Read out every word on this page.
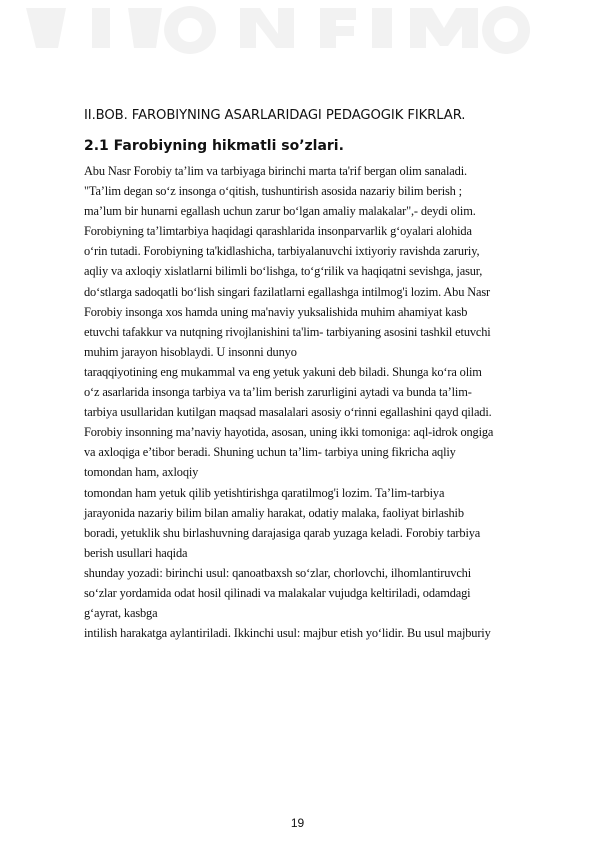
II.BOB. FAROBIYNING ASARLARIDAGI PEDAGOGIK FIKRLAR.
2.1 Farobiyning hikmatli so’zlari.
Abu Nasr Forobiy ta’lim va tarbiyaga birinchi marta ta'rif bergan olim sanaladi.
"Ta’lim degan so‘z insonga o‘qitish, tushuntirish asosida nazariy bilim berish ;
ma’lum bir hunarni egallash uchun zarur bo‘lgan amaliy malakalar",- deydi olim.
Forobiyning ta’limtarbiya haqidagi qarashlarida insonparvarlik g‘oyalari alohida
o‘rin tutadi. Forobiyning ta'kidlashicha, tarbiyalanuvchi ixtiyoriy ravishda zaruriy,
aqliy va axloqiy xislatlarni bilimli bo‘lishga, to‘g‘rilik va haqiqatni sevishga, jasur,
do‘stlarga sadoqatli bo‘lish singari fazilatlarni egallashga intilmog'i lozim. Abu Nasr
Forobiy insonga xos hamda uning ma'naviy yuksalishida muhim ahamiyat kasb
etuvchi tafakkur va nutqning rivojlanishini ta'lim- tarbiyaning asosini tashkil etuvchi
muhim jarayon hisoblaydi. U insonni dunyo
taraqqiyotining eng mukammal va eng yetuk yakuni deb biladi. Shunga ko‘ra olim
o‘z asarlarida insonga tarbiya va ta’lim berish zarurligini aytadi va bunda ta’lim-
tarbiya usullaridan kutilgan maqsad masalalari asosiy o‘rinni egallashini qayd qiladi.
Forobiy insonning ma’naviy hayotida, asosan, uning ikki tomoniga: aql-idrok ongiga
va axloqiga e’tibor beradi. Shuning uchun ta’lim- tarbiya uning fikricha aqliy
tomondan ham, axloqiy
tomondan ham yetuk qilib yetishtirishga qaratilmog'i lozim. Ta’lim-tarbiya
jarayonida nazariy bilim bilan amaliy harakat, odatiy malaka, faoliyat birlashib
boradi, yetuklik shu birlashuvning darajasiga qarab yuzaga keladi. Forobiy tarbiya
berish usullari haqida
shunday yozadi: birinchi usul: qanoatbaxsh so‘zlar, chorlovchi, ilhomlantiruvchi
so‘zlar yordamida odat hosil qilinadi va malakalar vujudga keltiriladi, odamdagi
g‘ayrat, kasbga
intilish harakatga aylantiriladi. Ikkinchi usul: majbur etish yo‘lidir. Bu usul majburiy
19
